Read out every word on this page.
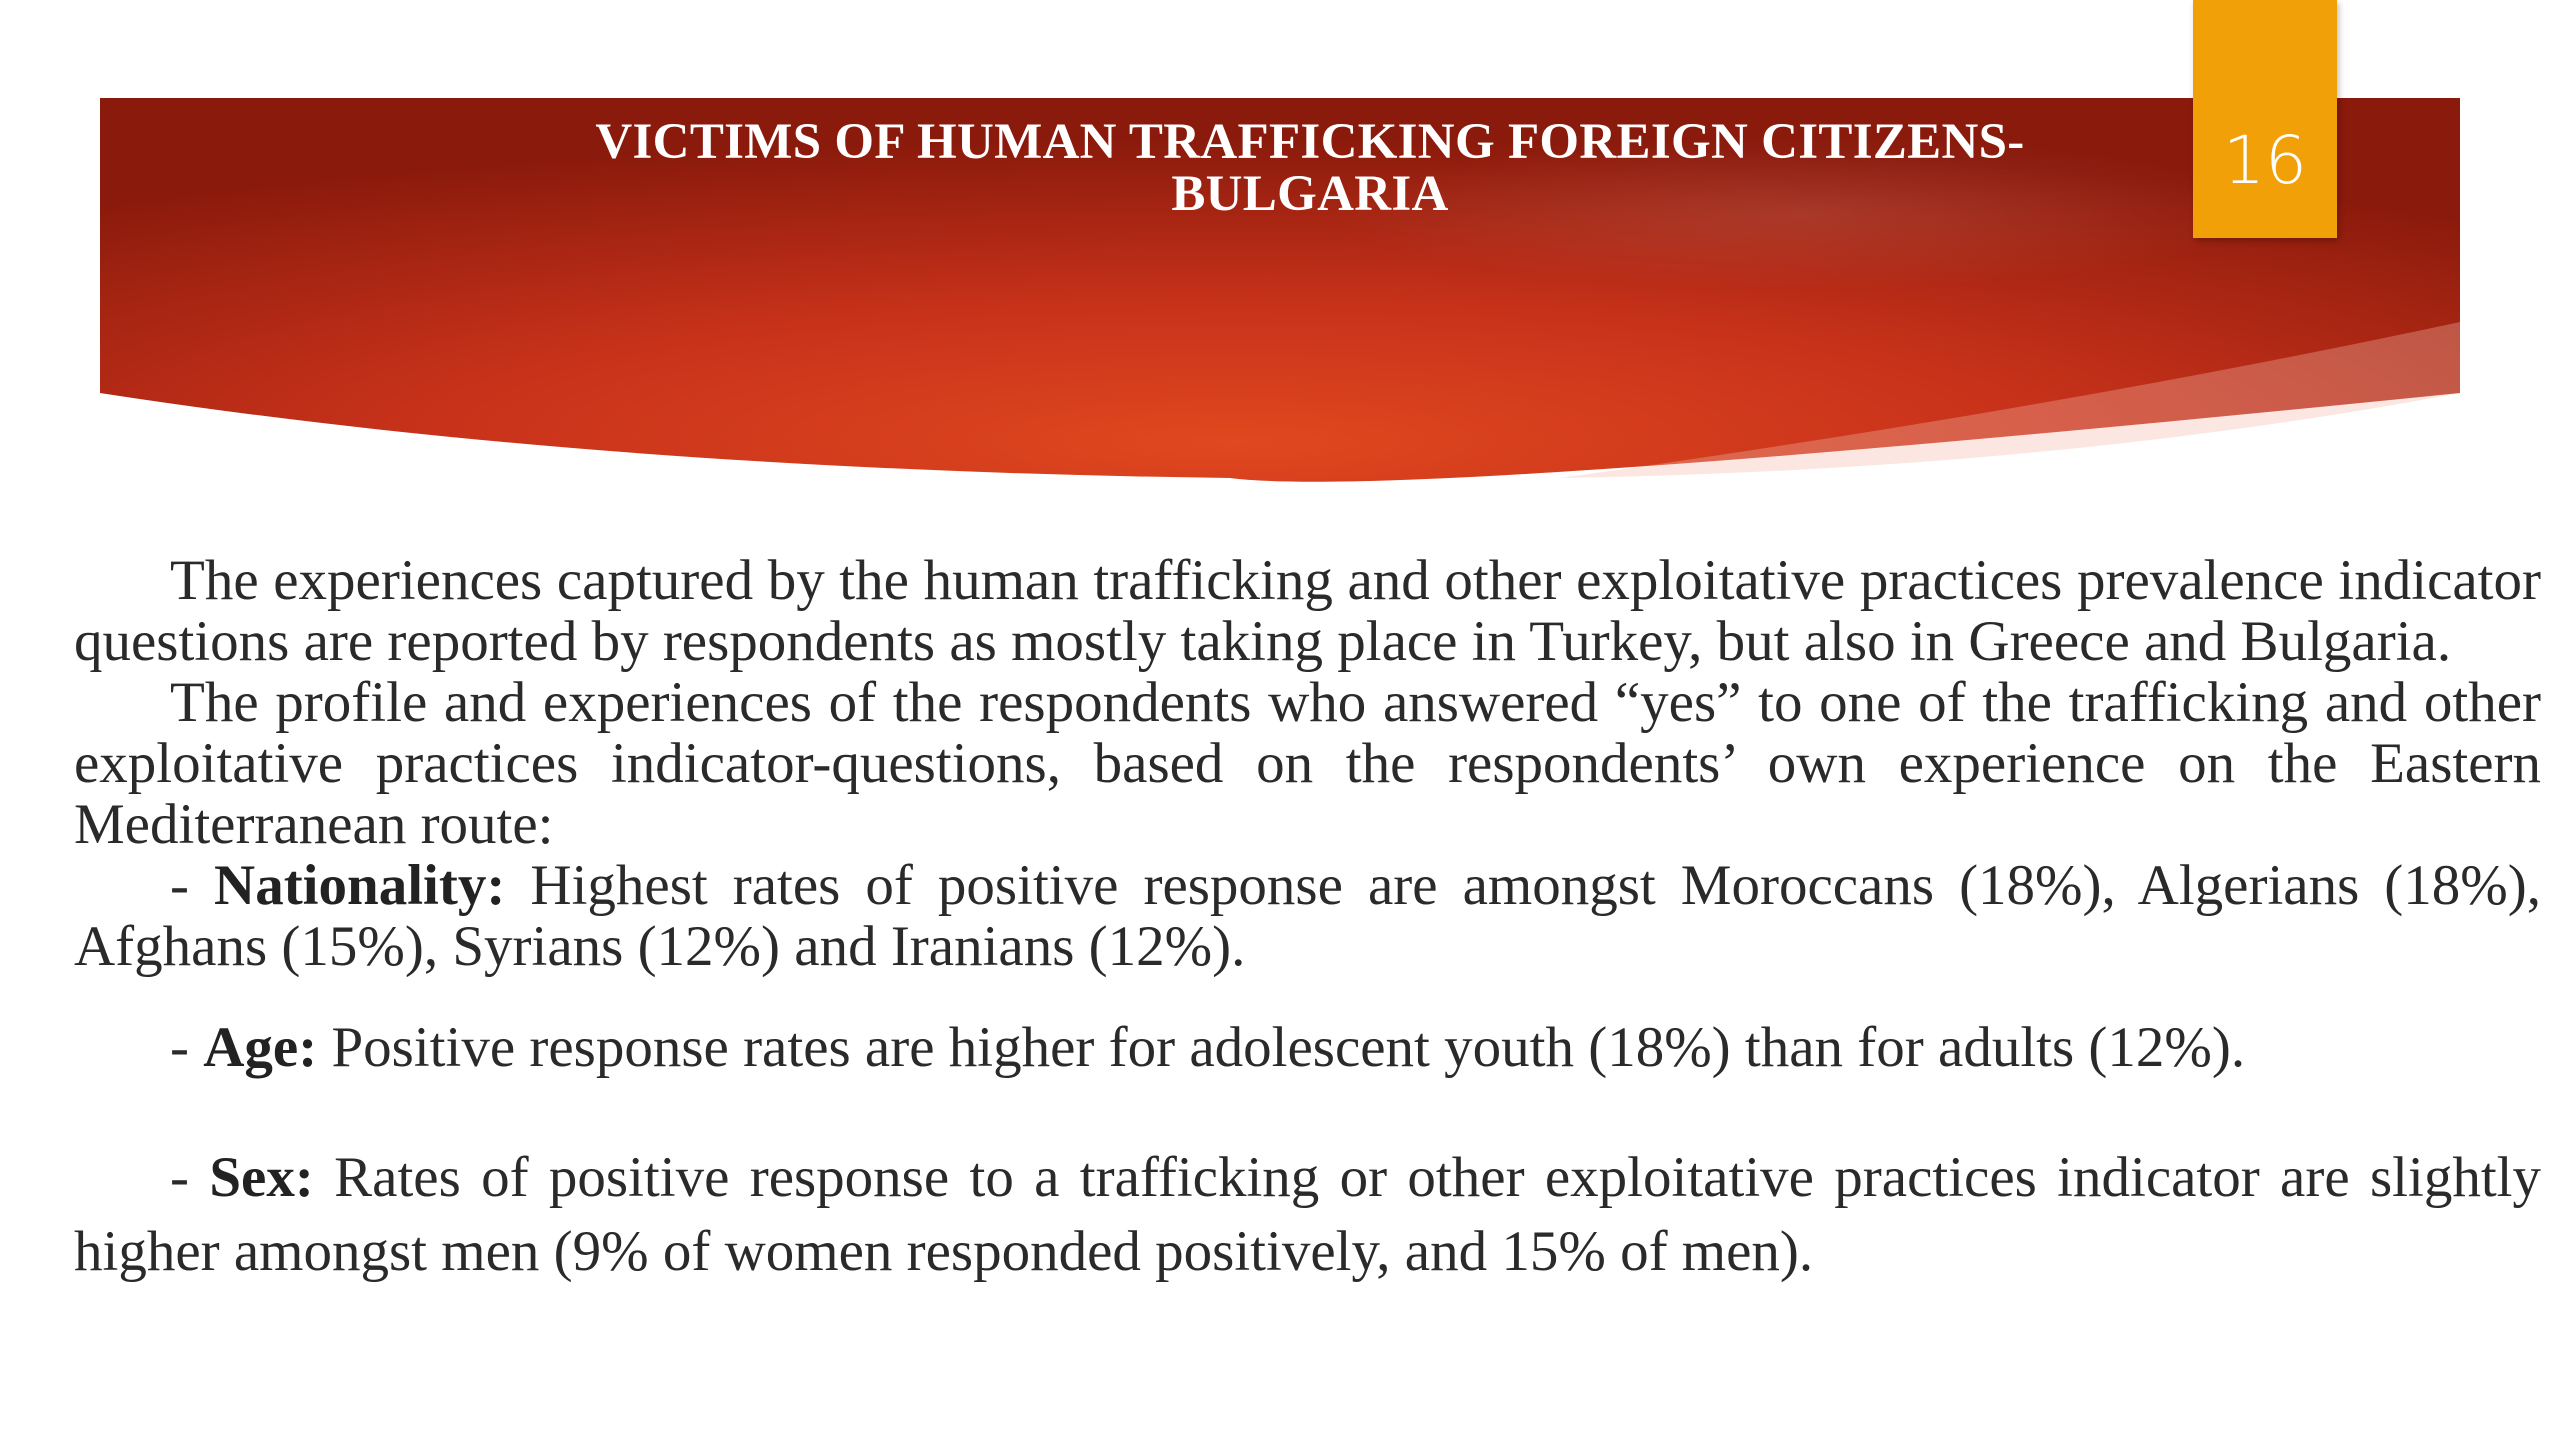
VICTIMS OF HUMAN TRAFFICKING FOREIGN CITIZENS-BULGARIA	16

The experiences captured by the human trafficking and other exploitative practices prevalence indicator questions are reported by respondents as mostly taking place in Turkey, but also in Greece and Bulgaria.

The profile and experiences of the respondents who answered “yes” to one of the trafficking and other exploitative practices indicator-questions, based on the respondents’ own experience on the Eastern Mediterranean route:

- Nationality: Highest rates of positive response are amongst Moroccans (18%), Algerians (18%), Afghans (15%), Syrians (12%) and Iranians (12%).

- Age: Positive response rates are higher for adolescent youth (18%) than for adults (12%).

- Sex: Rates of positive response to a trafficking or other exploitative practices indicator are slightly higher amongst men (9% of women responded positively, and 15% of men).
